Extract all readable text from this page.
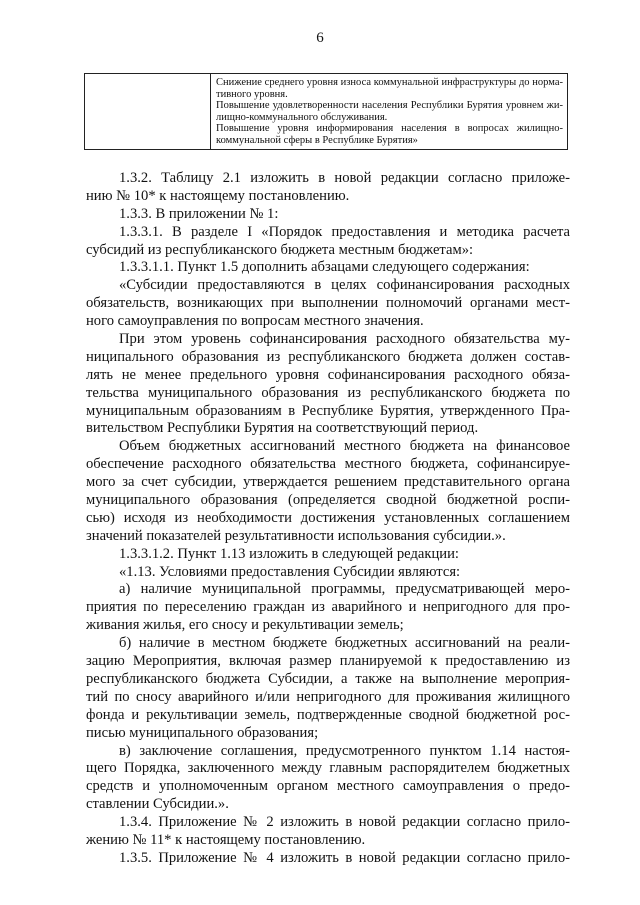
6

Снижение среднего уровня износа коммунальной инфраструктуры до норма-
тивного уровня.
Повышение удовлетворенности населения Республики Бурятия уровнем жи-
лищно-коммунального обслуживания.
Повышение уровня информирования населения в вопросах жилищно-
коммунальной сферы в Республике Бурятия»
1.3.2. Таблицу 2.1 изложить в новой редакции согласно приложе-
нию № 10* к настоящему постановлению.
1.3.3. В приложении № 1:
1.3.3.1. В разделе I «Порядок предоставления и методика расчета
субсидий из республиканского бюджета местным бюджетам»:
1.3.3.1.1. Пункт 1.5 дополнить абзацами следующего содержания:
«Субсидии предоставляются в целях софинансирования расходных
обязательств, возникающих при выполнении полномочий органами мест-
ного самоуправления по вопросам местного значения.
При этом уровень софинансирования расходного обязательства му-
ниципального образования из республиканского бюджета должен состав-
лять не менее предельного уровня софинансирования расходного обяза-
тельства муниципального образования из республиканского бюджета по
муниципальным образованиям в Республике Бурятия, утвержденного Пра-
вительством Республики Бурятия на соответствующий период.
Объем бюджетных ассигнований местного бюджета на финансовое
обеспечение расходного обязательства местного бюджета, софинансируе-
мого за счет субсидии, утверждается решением представительного органа
муниципального образования (определяется сводной бюджетной роспи-
сью) исходя из необходимости достижения установленных соглашением
значений показателей результативности использования субсидии.».
1.3.3.1.2. Пункт 1.13 изложить в следующей редакции:
«1.13. Условиями предоставления Субсидии являются:
а) наличие муниципальной программы, предусматривающей меро-
приятия по переселению граждан из аварийного и непригодного для про-
живания жилья, его сносу и рекультивации земель;
б) наличие в местном бюджете бюджетных ассигнований на реали-
зацию Мероприятия, включая размер планируемой к предоставлению из
республиканского бюджета Субсидии, а также на выполнение мероприя-
тий по сносу аварийного и/или непригодного для проживания жилищного
фонда и рекультивации земель, подтвержденные сводной бюджетной рос-
писью муниципального образования;
в) заключение соглашения, предусмотренного пунктом 1.14 настоя-
щего Порядка, заключенного между главным распорядителем бюджетных
средств и уполномоченным органом местного самоуправления о предо-
ставлении Субсидии.».
1.3.4. Приложение № 2 изложить в новой редакции согласно прило-
жению № 11* к настоящему постановлению.
1.3.5. Приложение № 4 изложить в новой редакции согласно прило-
